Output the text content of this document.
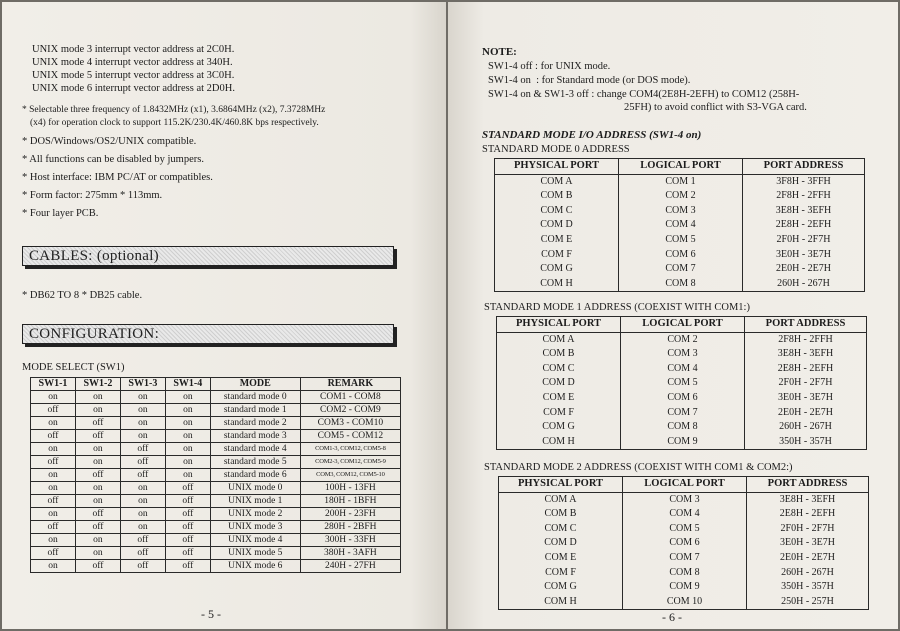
UNIX mode 3 interrupt vector address at 2C0H.
UNIX mode 4 interrupt vector address at 340H.
UNIX mode 5 interrupt vector address at 3C0H.
UNIX mode 6 interrupt vector address at 2D0H.
* Selectable three frequency of 1.8432MHz (x1), 3.6864MHz (x2), 7.3728MHz
(x4) for operation clock to support 115.2K/230.4K/460.8K bps respectively.
* DOS/Windows/OS2/UNIX compatible.
* All functions can be disabled by jumpers.
* Host interface: IBM PC/AT or compatibles.
* Form factor: 275mm * 113mm.
* Four layer PCB.
CABLES: (optional)
* DB62 TO 8 * DB25 cable.
CONFIGURATION:
MODE SELECT (SW1)
SW1-1	SW1-2	SW1-3	SW1-4	MODE	REMARK
on	on	on	on	standard mode 0	COM1 - COM8
off	on	on	on	standard mode 1	COM2 - COM9
on	off	on	on	standard mode 2	COM3 - COM10
off	off	on	on	standard mode 3	COM5 - COM12
on	on	off	on	standard mode 4	COM1-3, COM12, COM5-8
off	on	off	on	standard mode 5	COM2-3, COM12, COM5-9
on	off	off	on	standard mode 6	COM3, COM12, COM5-10
on	on	on	off	UNIX mode 0	100H - 13FH
off	on	on	off	UNIX mode 1	180H - 1BFH
on	off	on	off	UNIX mode 2	200H - 23FH
off	off	on	off	UNIX mode 3	280H - 2BFH
on	on	off	off	UNIX mode 4	300H - 33FH
off	on	off	off	UNIX mode 5	380H - 3AFH
on	off	off	off	UNIX mode 6	240H - 27FH
- 5 -
NOTE:
SW1-4 off : for UNIX mode.
SW1-4 on  : for Standard mode (or DOS mode).
SW1-4 on & SW1-3 off : change COM4(2E8H-2EFH) to COM12 (258H-
25FH) to avoid conflict with S3-VGA card.
STANDARD MODE I/O ADDRESS (SW1-4 on)
STANDARD MODE 0 ADDRESS
PHYSICAL PORT	LOGICAL PORT	PORT ADDRESS
COM A	COM 1	3F8H - 3FFH
COM B	COM 2	2F8H - 2FFH
COM C	COM 3	3E8H - 3EFH
COM D	COM 4	2E8H - 2EFH
COM E	COM 5	2F0H - 2F7H
COM F	COM 6	3E0H - 3E7H
COM G	COM 7	2E0H - 2E7H
COM H	COM 8	260H - 267H
STANDARD MODE 1 ADDRESS (COEXIST WITH COM1:)
PHYSICAL PORT	LOGICAL PORT	PORT ADDRESS
COM A	COM 2	2F8H - 2FFH
COM B	COM 3	3E8H - 3EFH
COM C	COM 4	2E8H - 2EFH
COM D	COM 5	2F0H - 2F7H
COM E	COM 6	3E0H - 3E7H
COM F	COM 7	2E0H - 2E7H
COM G	COM 8	260H - 267H
COM H	COM 9	350H - 357H
STANDARD MODE 2 ADDRESS (COEXIST WITH COM1 & COM2:)
PHYSICAL PORT	LOGICAL PORT	PORT ADDRESS
COM A	COM 3	3E8H - 3EFH
COM B	COM 4	2E8H - 2EFH
COM C	COM 5	2F0H - 2F7H
COM D	COM 6	3E0H - 3E7H
COM E	COM 7	2E0H - 2E7H
COM F	COM 8	260H - 267H
COM G	COM 9	350H - 357H
COM H	COM 10	250H - 257H
- 6 -
